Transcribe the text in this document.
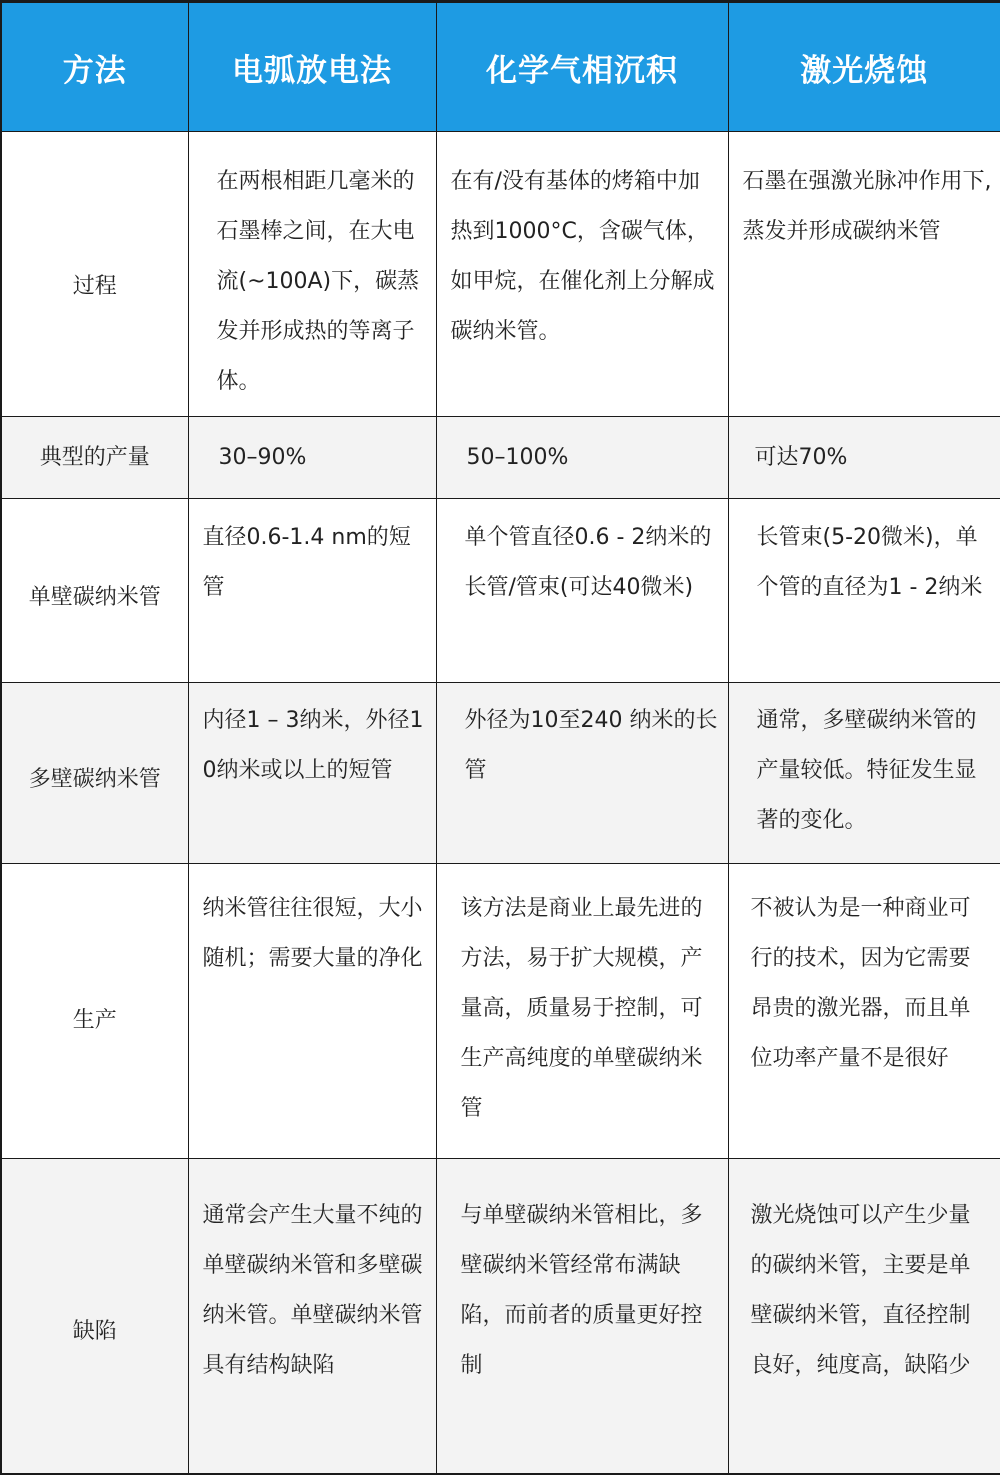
方法	电弧放电法	化学气相沉积	激光烧蚀
过程	在两根相距几毫米的石墨棒之间，在大电流(~100A)下，碳蒸发并形成热的等离子体。	在有/没有基体的烤箱中加热到1000°C，含碳气体，如甲烷，在催化剂上分解成碳纳米管。	石墨在强激光脉冲作用下,蒸发并形成碳纳米管
典型的产量	30–90%	50–100%	可达70%
单壁碳纳米管	直径0.6-1.4 nm的短管	单个管直径0.6 - 2纳米的长管/管束(可达40微米)	长管束(5-20微米)，单个管的直径为1 - 2纳米
多壁碳纳米管	内径1 – 3纳米，外径10纳米或以上的短管	外径为10至240 纳米的长管	通常，多壁碳纳米管的产量较低。特征发生显著的变化。
生产	纳米管往往很短，大小随机；需要大量的净化	该方法是商业上最先进的方法，易于扩大规模，产量高，质量易于控制，可生产高纯度的单壁碳纳米管	不被认为是一种商业可行的技术，因为它需要昂贵的激光器，而且单位功率产量不是很好
缺陷	通常会产生大量不纯的单壁碳纳米管和多壁碳纳米管。单壁碳纳米管具有结构缺陷	与单壁碳纳米管相比，多壁碳纳米管经常布满缺陷，而前者的质量更好控制	激光烧蚀可以产生少量的碳纳米管，主要是单壁碳纳米管，直径控制良好，纯度高，缺陷少
